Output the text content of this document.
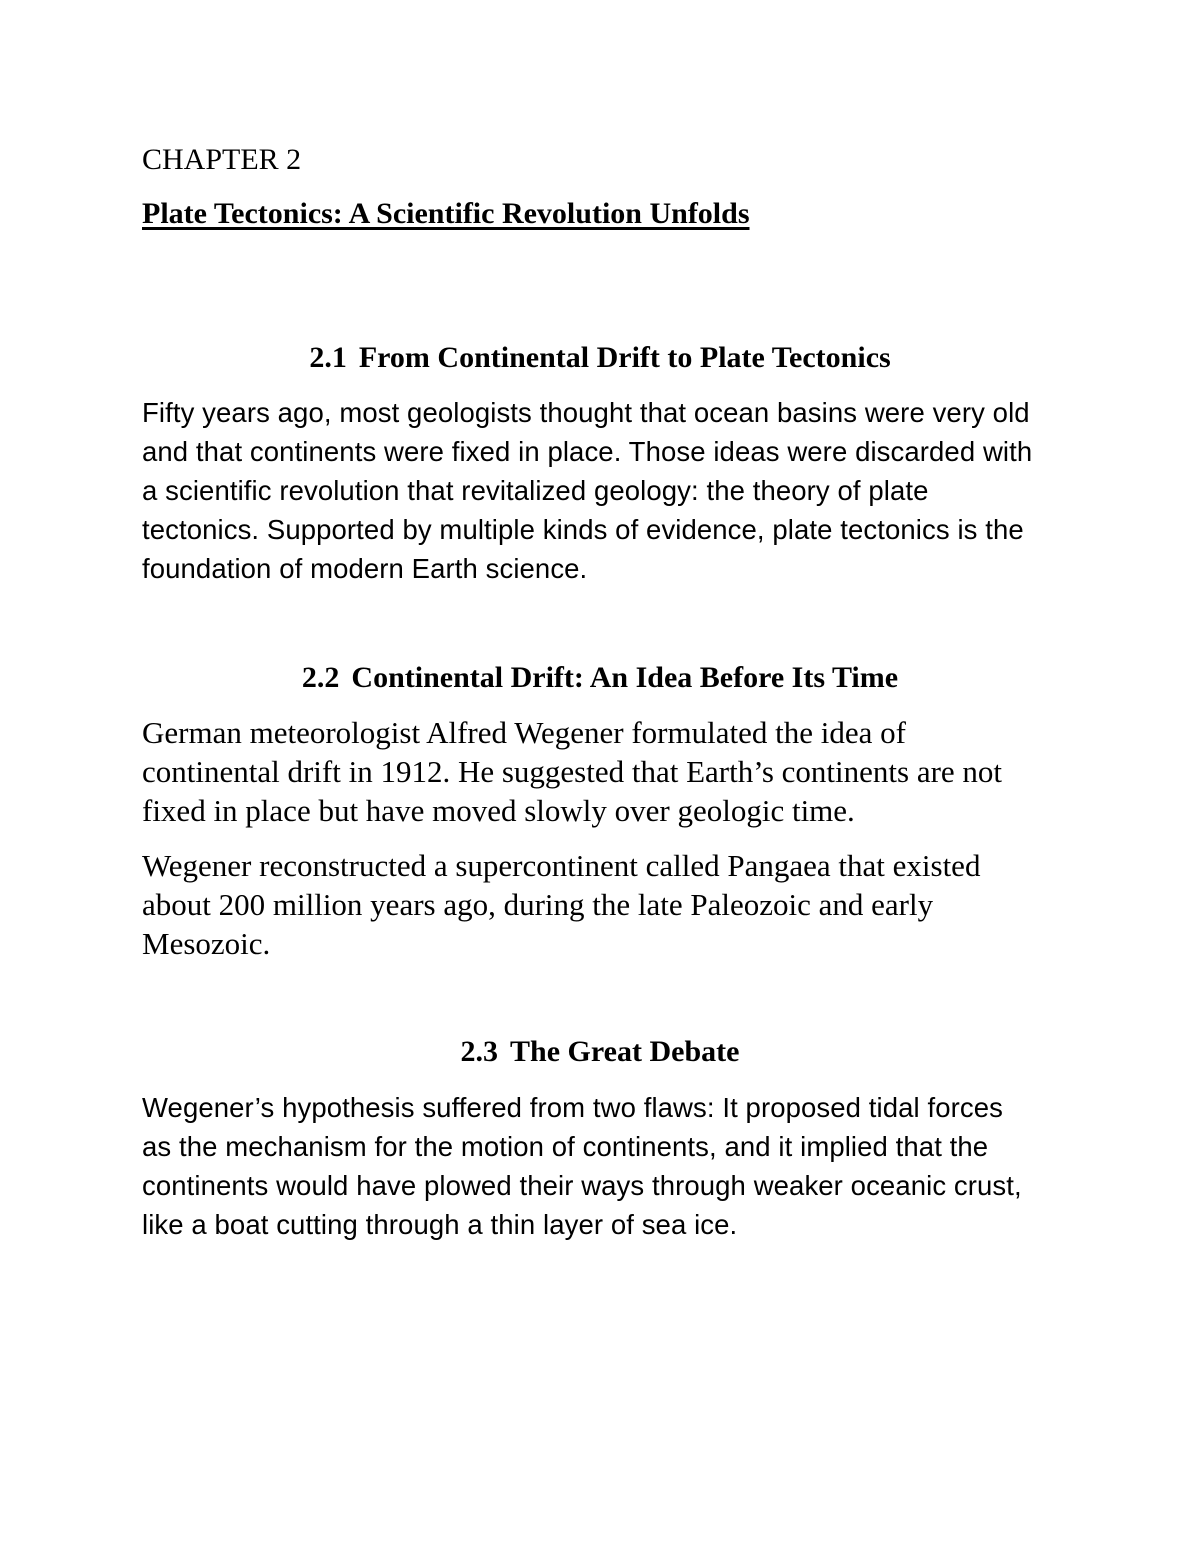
CHAPTER 2
Plate Tectonics: A Scientific Revolution Unfolds
2.1 From Continental Drift to Plate Tectonics
Fifty years ago, most geologists thought that ocean basins were very old
and that continents were fixed in place. Those ideas were discarded with
a scientific revolution that revitalized geology: the theory of plate
tectonics. Supported by multiple kinds of evidence, plate tectonics is the
foundation of modern Earth science.
2.2 Continental Drift: An Idea Before Its Time
German meteorologist Alfred Wegener formulated the idea of
continental drift in 1912. He suggested that Earth’s continents are not
fixed in place but have moved slowly over geologic time.
Wegener reconstructed a supercontinent called Pangaea that existed
about 200 million years ago, during the late Paleozoic and early
Mesozoic.
2.3 The Great Debate
Wegener’s hypothesis suffered from two flaws: It proposed tidal forces
as the mechanism for the motion of continents, and it implied that the
continents would have plowed their ways through weaker oceanic crust,
like a boat cutting through a thin layer of sea ice.
